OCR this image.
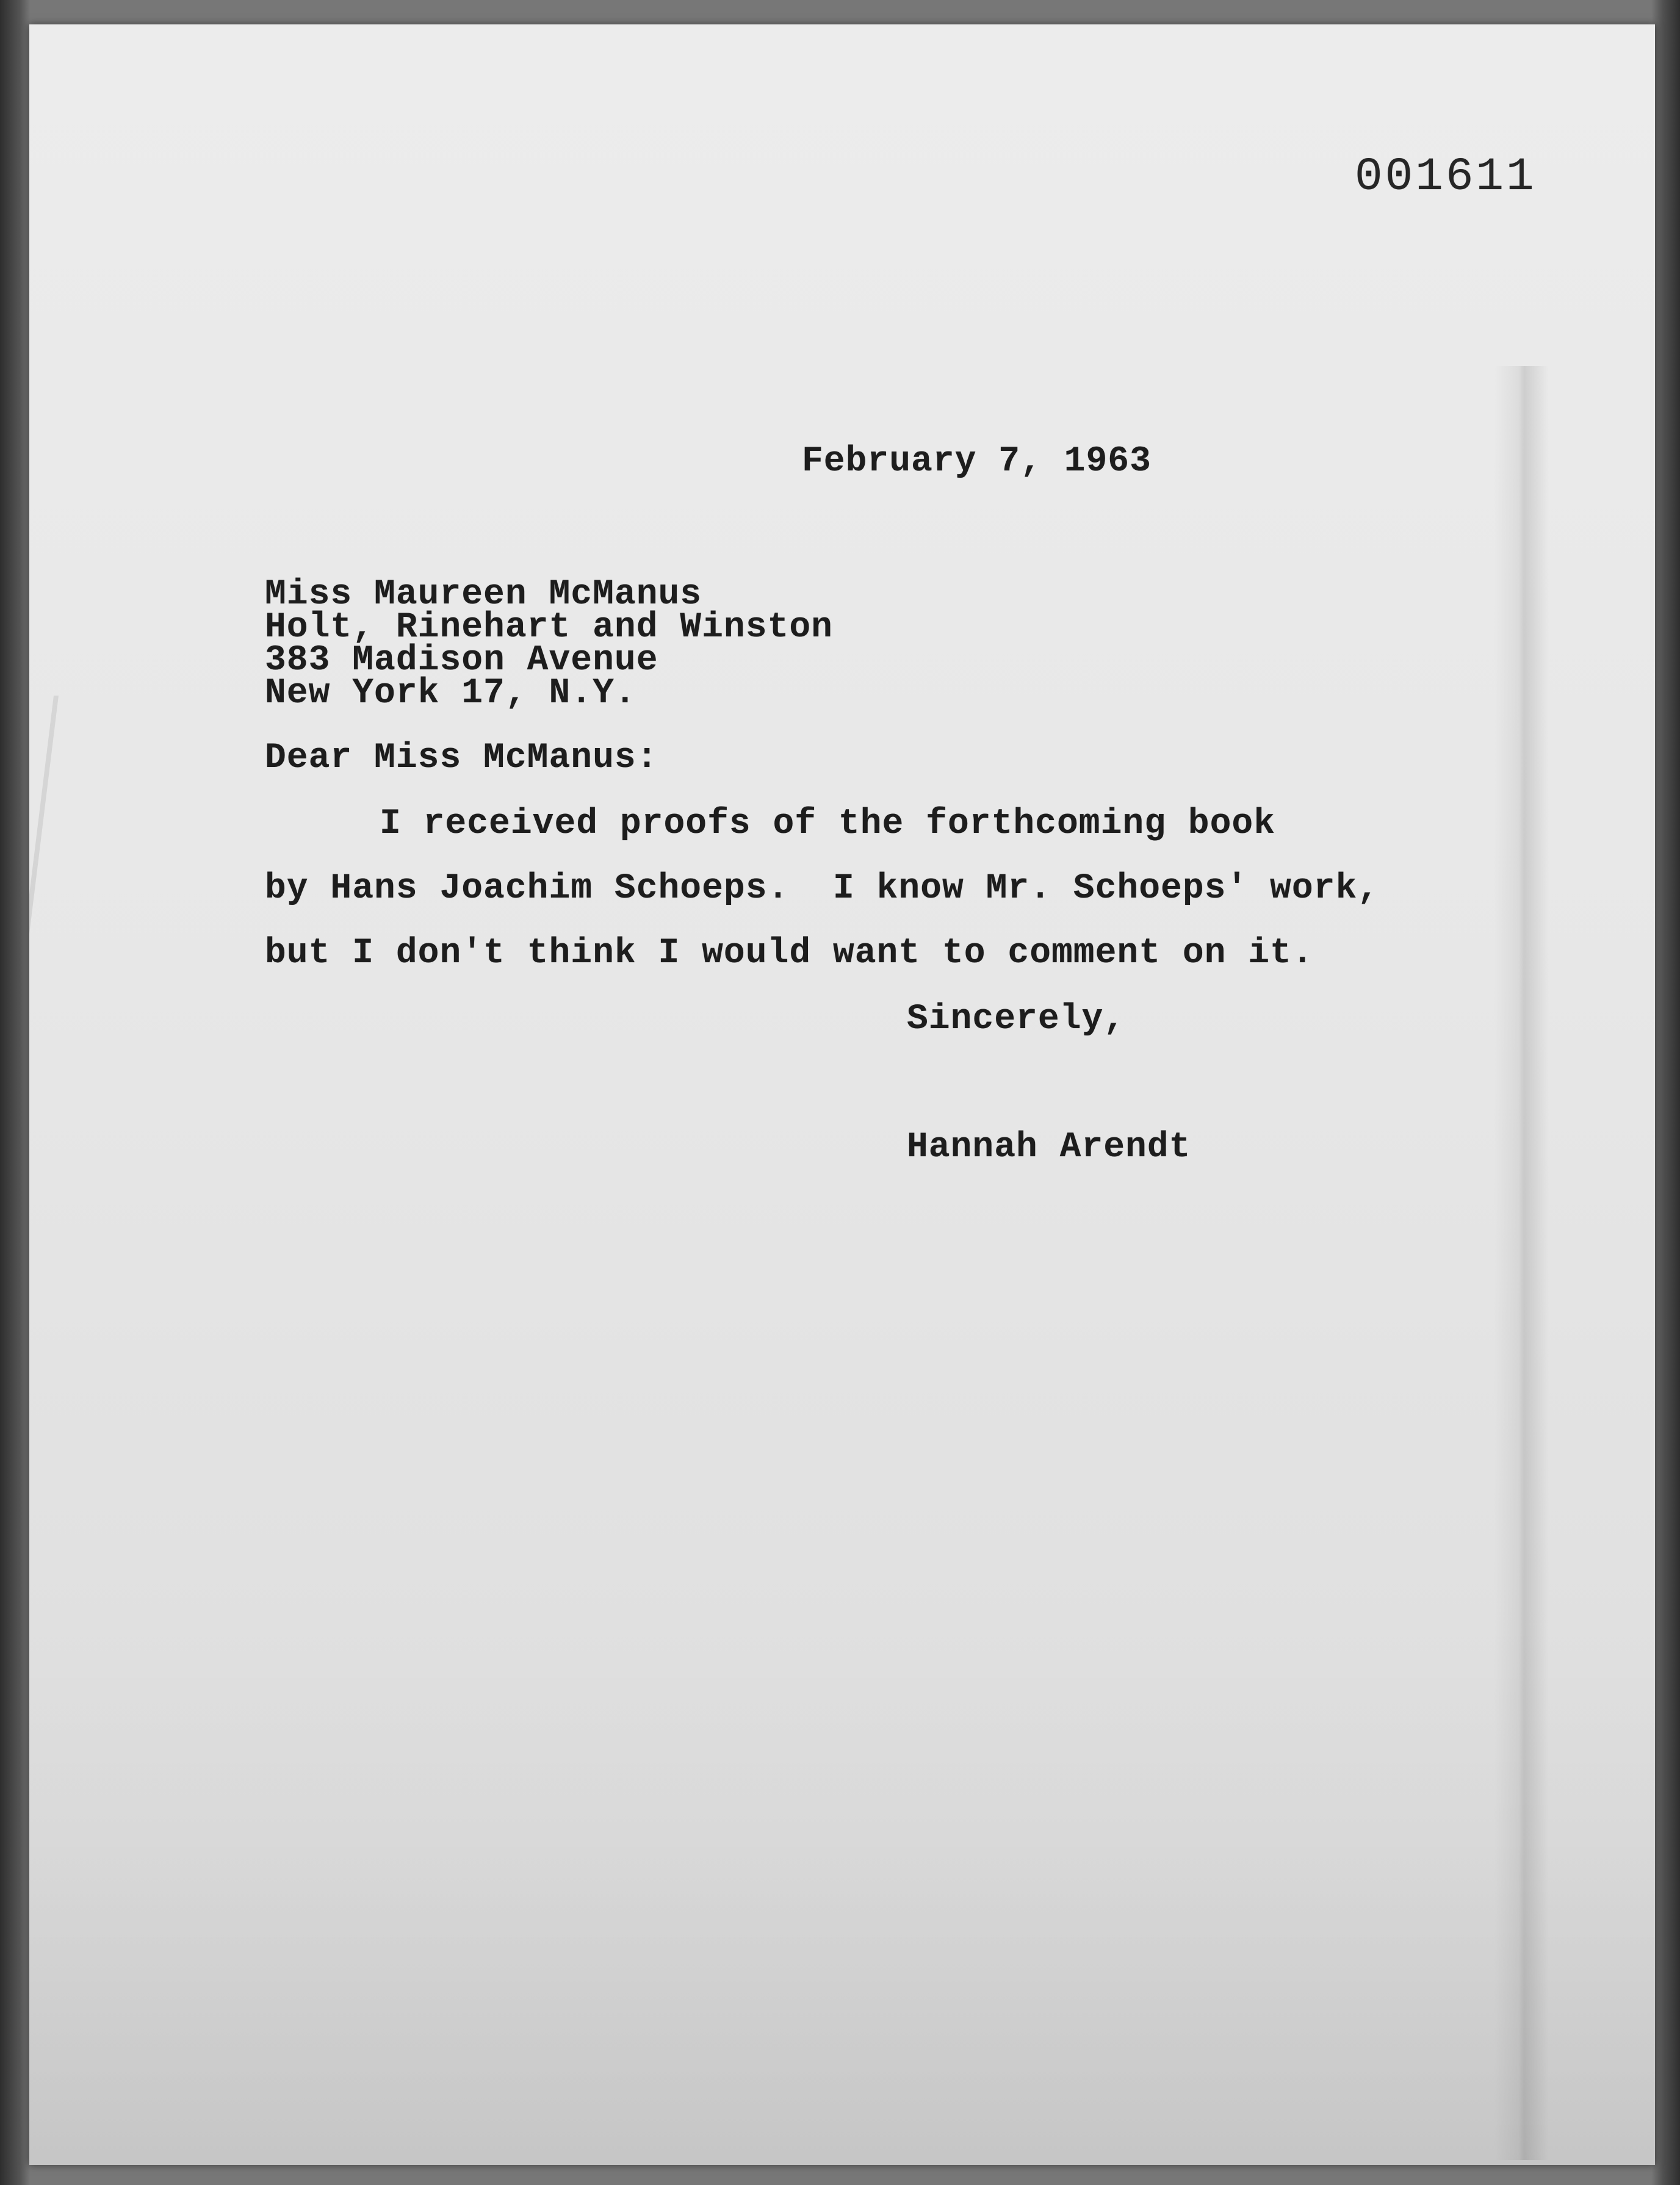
001611
February 7, 1963
Miss Maureen McManus
Holt, Rinehart and Winston
383 Madison Avenue
New York 17, N.Y.
Dear Miss McManus:
I received proofs of the forthcoming book
by Hans Joachim Schoeps.  I know Mr. Schoeps' work,
but I don't think I would want to comment on it.
Sincerely,
Hannah Arendt
